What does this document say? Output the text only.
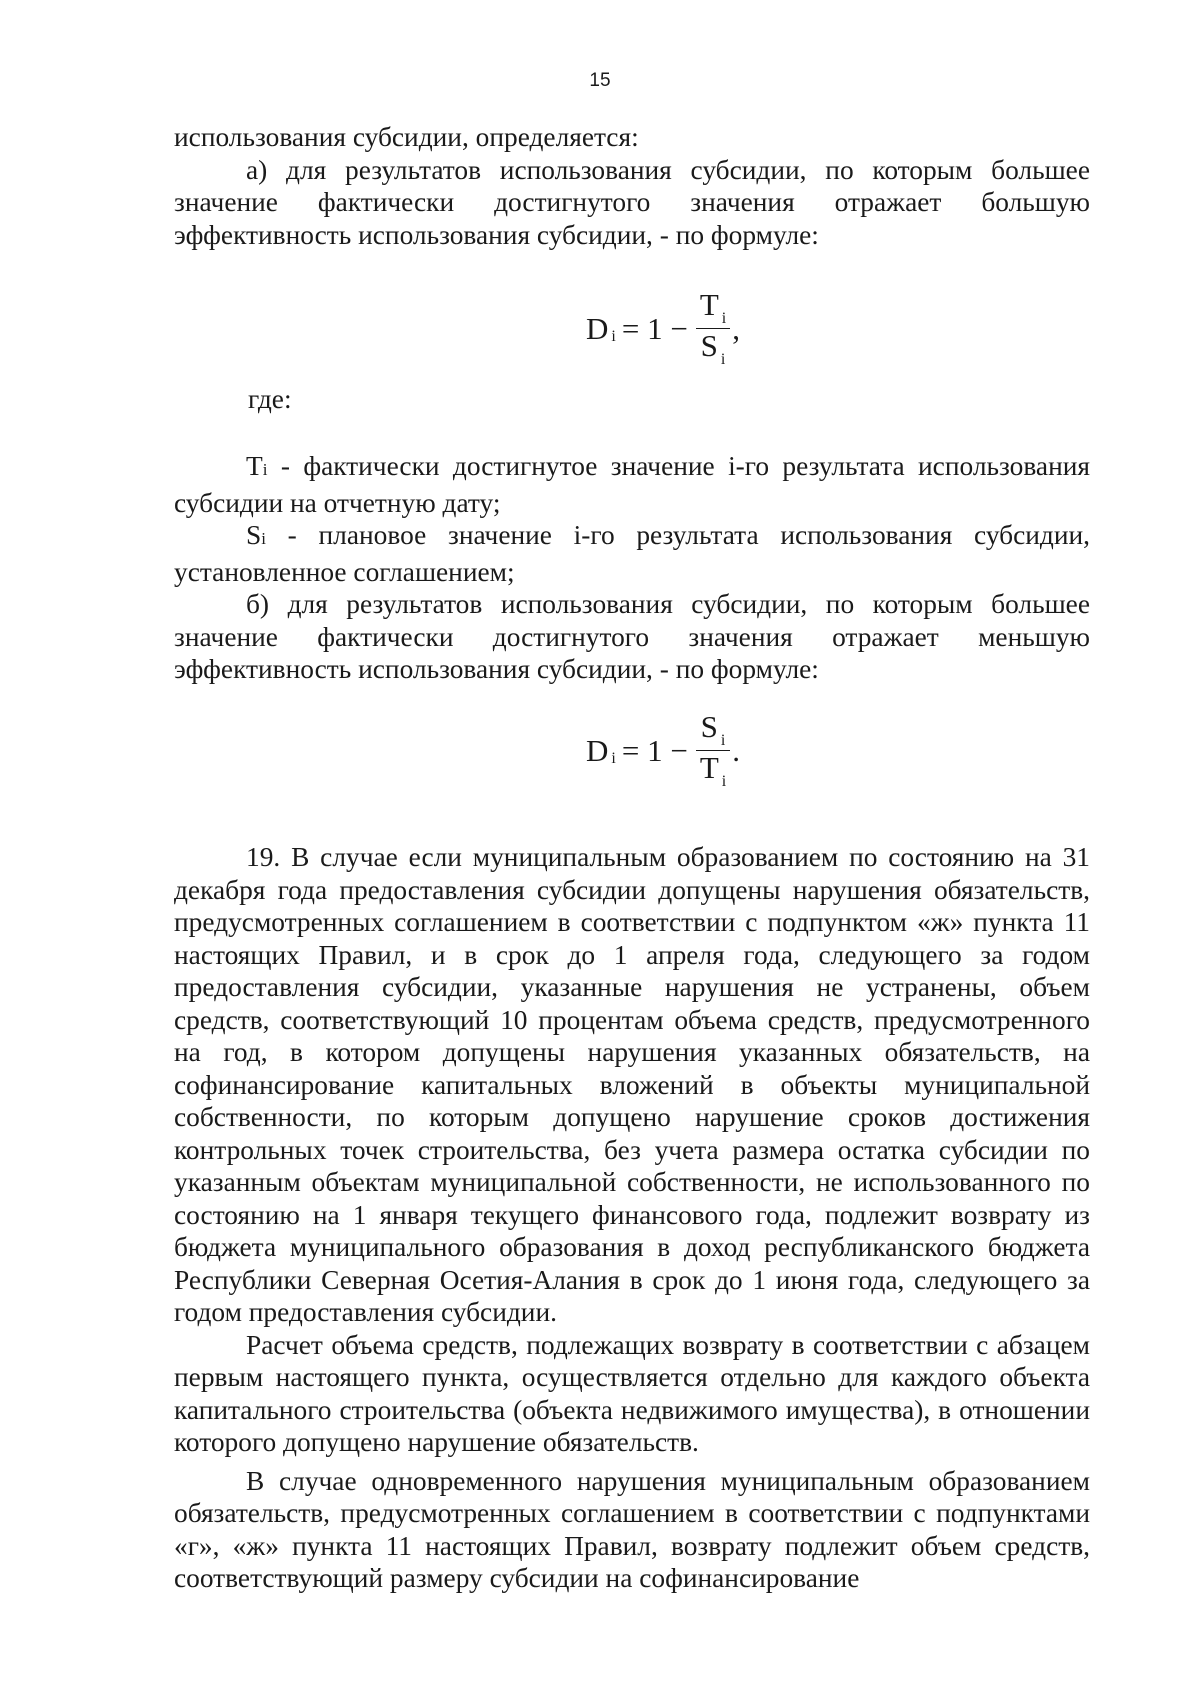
15

использования субсидии, определяется:

а) для результатов использования субсидии, по которым большее значение фактически достигнутого значения отражает большую эффективность использования субсидии, - по формуле:

D $i = 1 - \frac{T _i}{S _i}$ ,
где:

Ti - фактически достигнутое значение i-го результата использования субсидии на отчетную дату;

Si - плановое значение i-го результата использования субсидии, установленное соглашением;

б) для результатов использования субсидии, по которым большее значение фактически достигнутого значения отражает меньшую эффективность использования субсидии, - по формуле:

D $i = 1 - \frac{S _i}{T _i}$ .

19. В случае если муниципальным образованием по состоянию на 31 декабря года предоставления субсидии допущены нарушения обязательств, предусмотренных соглашением в соответствии с подпунктом «ж» пункта 11 настоящих Правил, и в срок до 1 апреля года, следующего за годом предоставления субсидии, указанные нарушения не устранены, объем средств, соответствующий 10 процентам объема средств, предусмотренного на год, в котором допущены нарушения указанных обязательств, на софинансирование капитальных вложений в объекты муниципальной собственности, по которым допущено нарушение сроков достижения контрольных точек строительства, без учета размера остатка субсидии по указанным объектам муниципальной собственности, не использованного по состоянию на 1 января текущего финансового года, подлежит возврату из бюджета муниципального образования в доход республиканского бюджета Республики Северная Осетия-Алания в срок до 1 июня года, следующего за годом предоставления субсидии.

Расчет объема средств, подлежащих возврату в соответствии с абзацем первым настоящего пункта, осуществляется отдельно для каждого объекта капитального строительства (объекта недвижимого имущества), в отношении которого допущено нарушение обязательств.

В случае одновременного нарушения муниципальным образованием обязательств, предусмотренных соглашением в соответствии с подпунктами «г», «ж» пункта 11 настоящих Правил, возврату подлежит объем средств, соответствующий размеру субсидии на софинансирование
